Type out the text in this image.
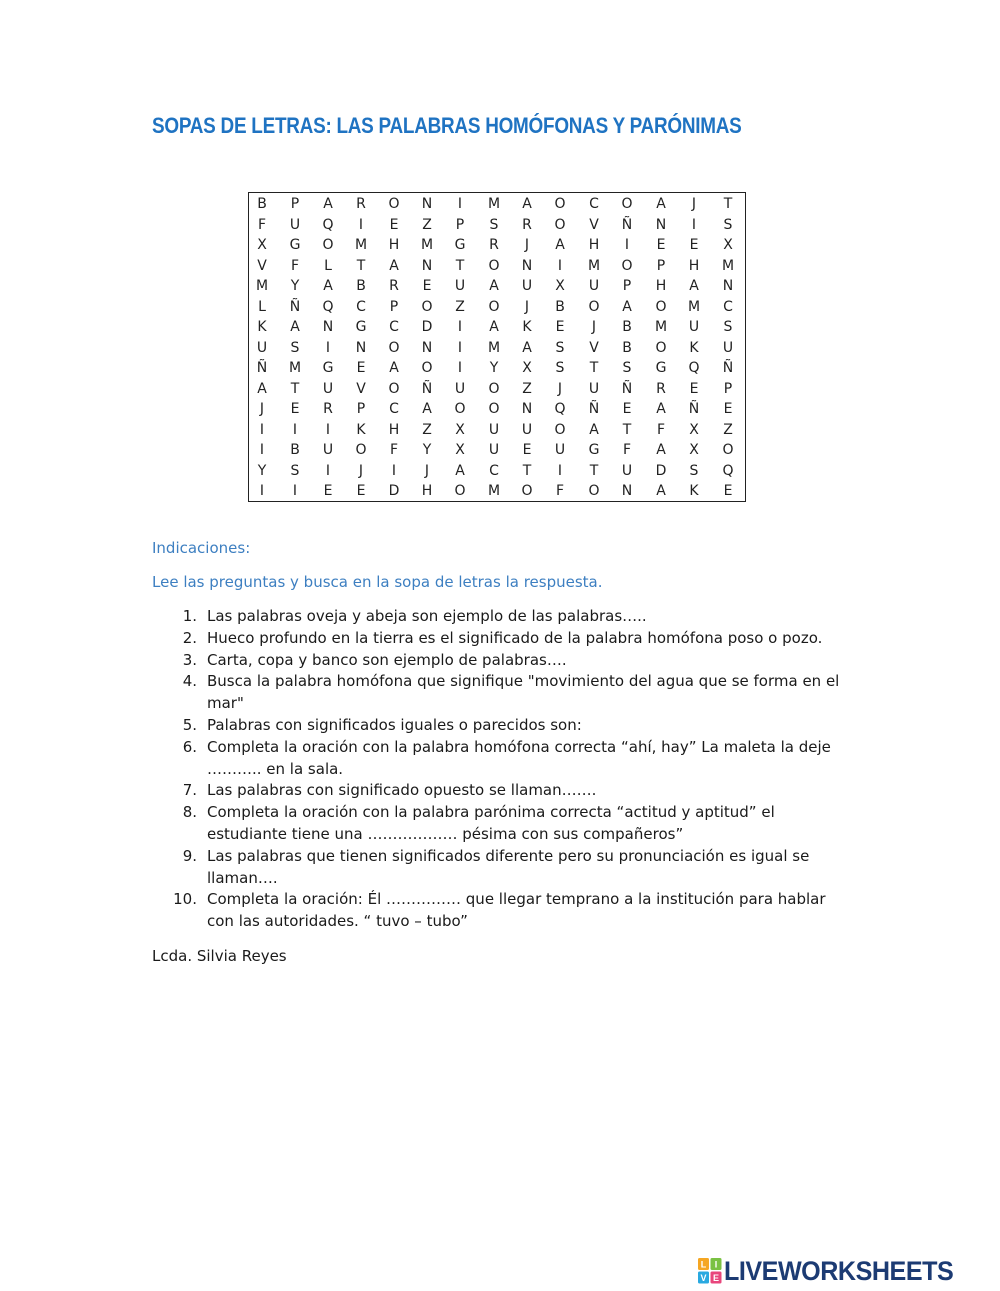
SOPAS DE LETRAS: LAS PALABRAS HOMÓFONAS Y PARÓNIMAS
B	P	A	R	O	N	I	M	A	O	C	O	A	J	T
F	U	Q	I	E	Z	P	S	R	O	V	Ñ	N	I	S
X	G	O	M	H	M	G	R	J	A	H	I	E	E	X
V	F	L	T	A	N	T	O	N	I	M	O	P	H	M
M	Y	A	B	R	E	U	A	U	X	U	P	H	A	N
L	Ñ	Q	C	P	O	Z	O	J	B	O	A	O	M	C
K	A	N	G	C	D	I	A	K	E	J	B	M	U	S
U	S	I	N	O	N	I	M	A	S	V	B	O	K	U
Ñ	M	G	E	A	O	I	Y	X	S	T	S	G	Q	Ñ
A	T	U	V	O	Ñ	U	O	Z	J	U	Ñ	R	E	P
J	E	R	P	C	A	O	O	N	Q	Ñ	E	A	Ñ	E
I	I	I	K	H	Z	X	U	U	O	A	T	F	X	Z
I	B	U	O	F	Y	X	U	E	U	G	F	A	X	O
Y	S	I	J	I	J	A	C	T	I	T	U	D	S	Q
I	I	E	E	D	H	O	M	O	F	O	N	A	K	E
Indicaciones:
Lee las preguntas y busca en la sopa de letras la respuesta.
1. Las palabras oveja y abeja son ejemplo de las palabras…..
2. Hueco profundo en la tierra es el significado de la palabra homófona poso o pozo.
3. Carta, copa y banco son ejemplo de palabras….
4. Busca la palabra homófona que signifique "movimiento del agua que se forma en el mar"
5. Palabras con significados iguales o parecidos son:
6. Completa la oración con la palabra homófona correcta “ahí, hay” La maleta la deje ……….. en la sala.
7. Las palabras con significado opuesto se llaman…….
8. Completa la oración con la palabra parónima correcta “actitud y aptitud” el estudiante tiene una ……………… pésima con sus compañeros”
9. Las palabras que tienen significados diferente pero su pronunciación es igual se llaman….
10. Completa la oración: Él …………… que llegar temprano a la institución para hablar con las autoridades. “ tuvo – tubo”
Lcda. Silvia Reyes
L I
V E LIVEWORKSHEETS
